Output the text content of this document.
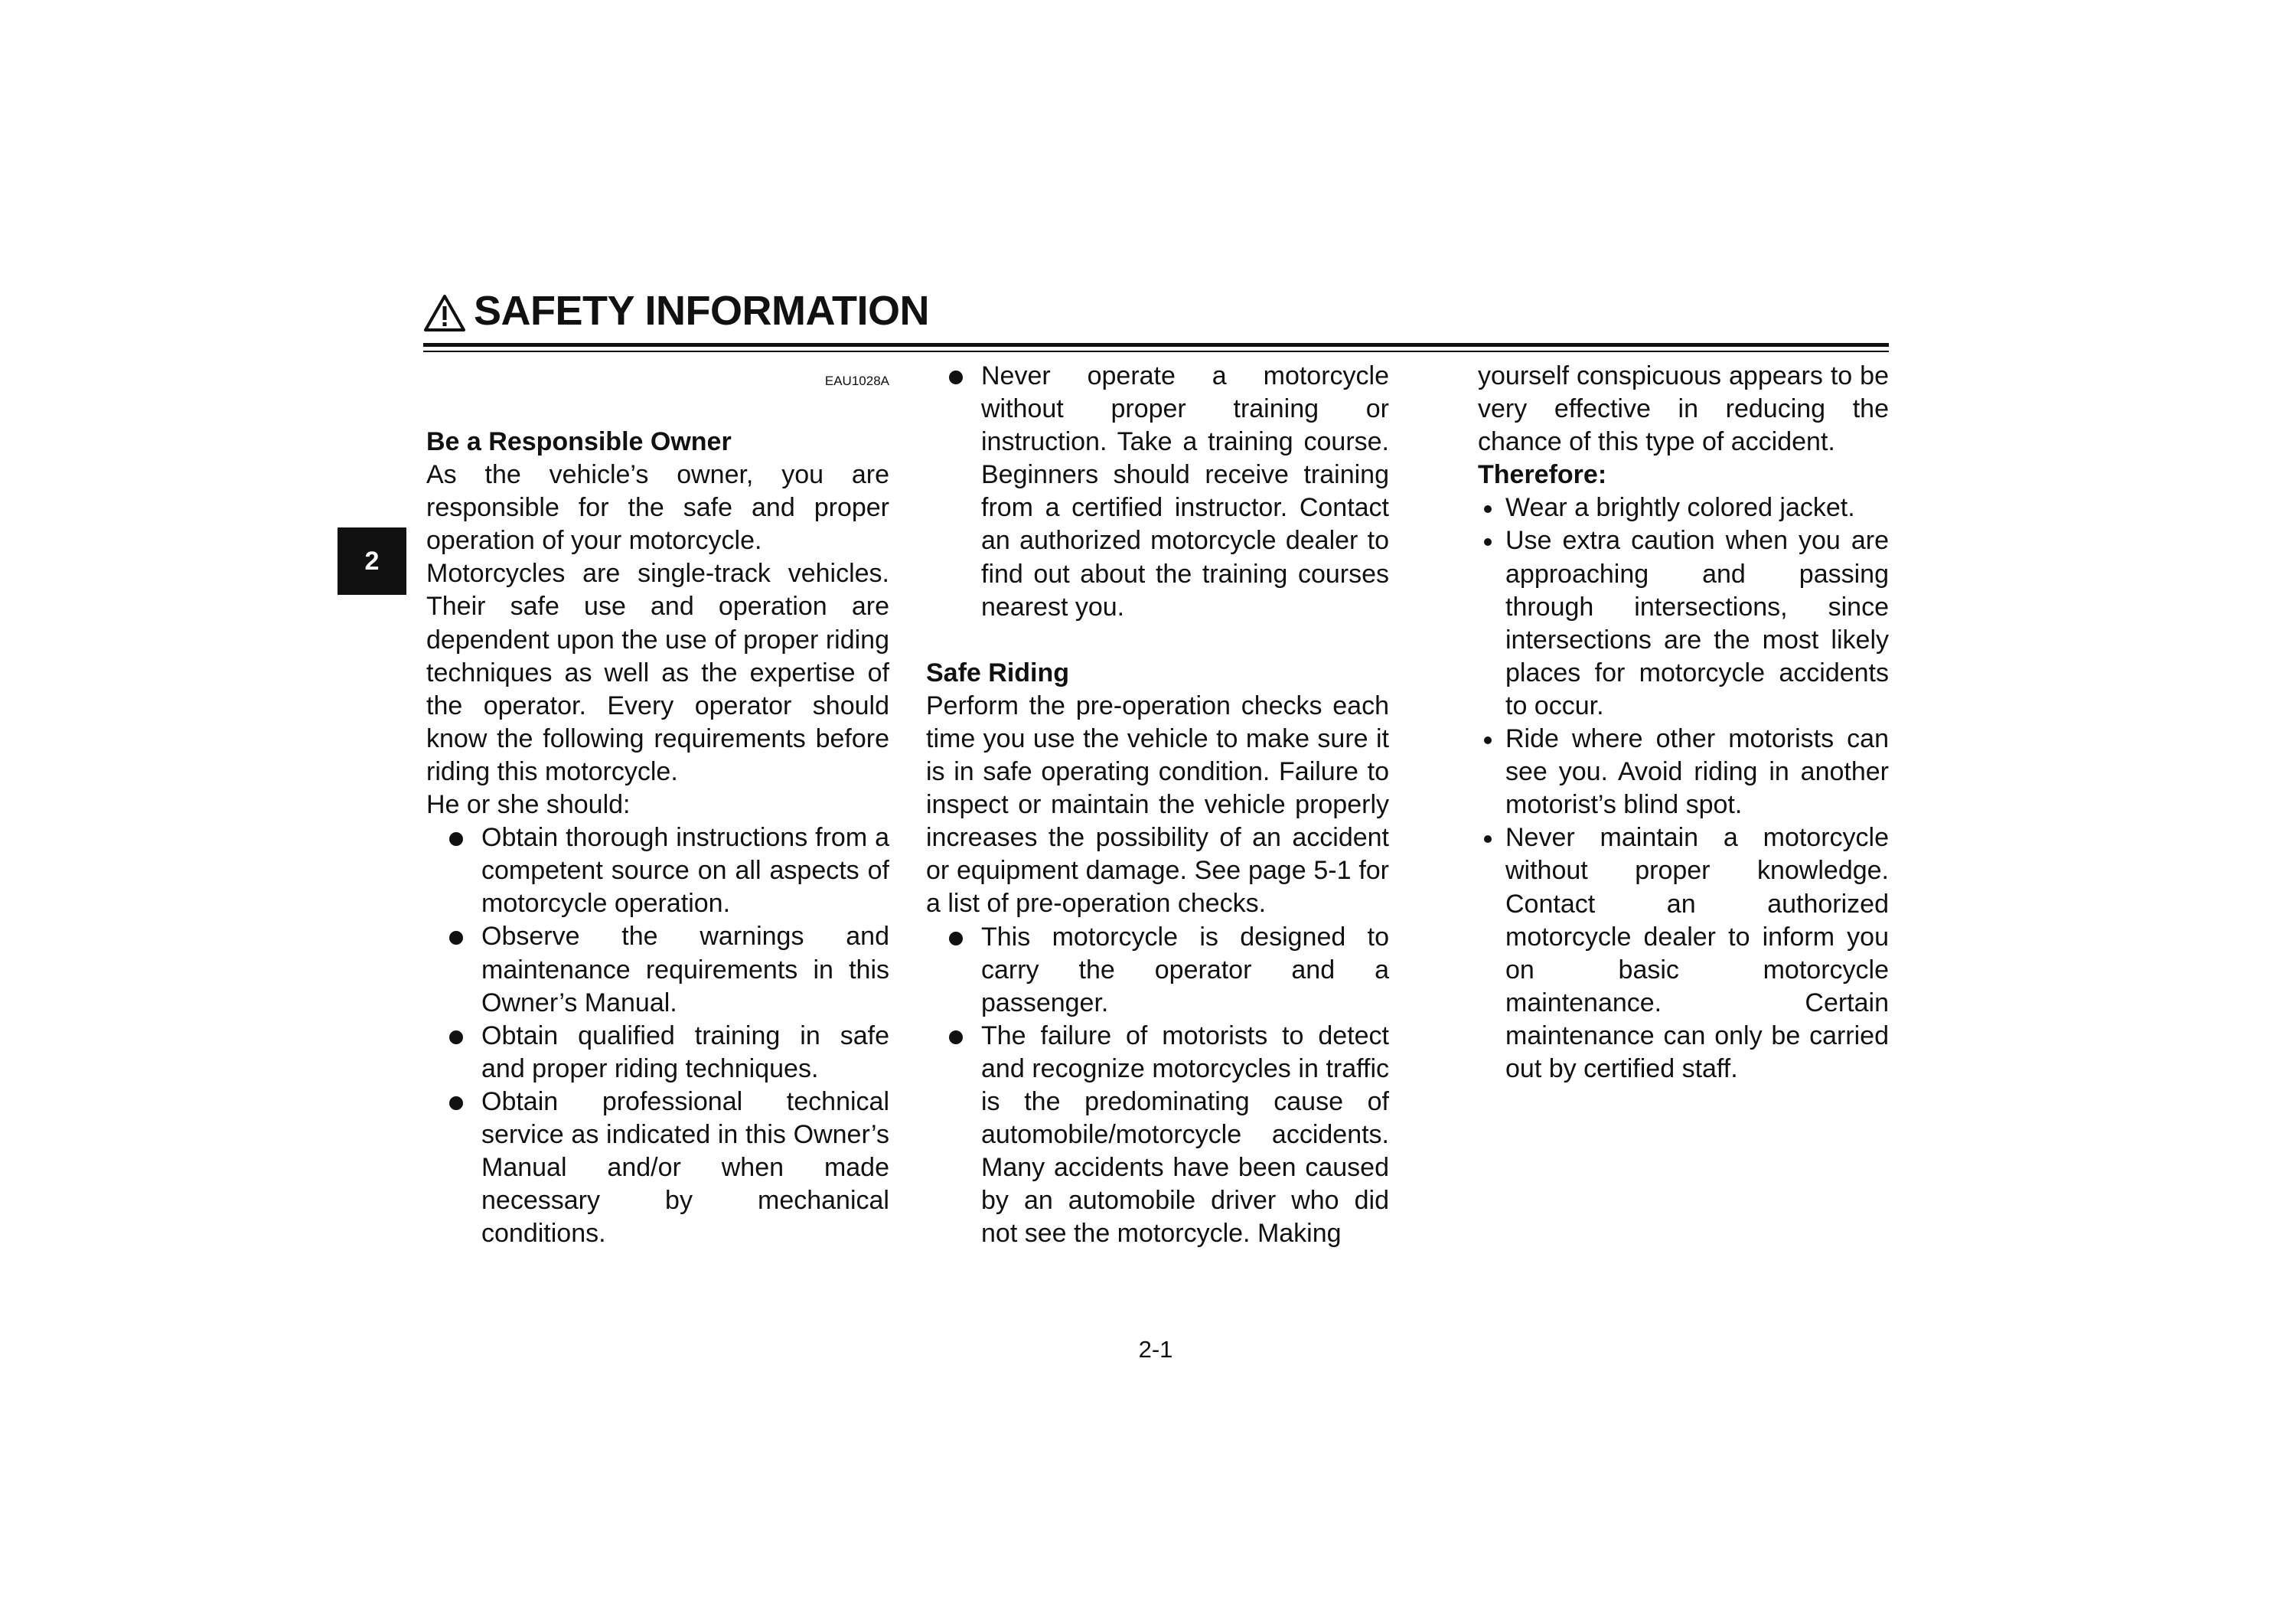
SAFETY INFORMATION
2

EAU1028A

Be a Responsible Owner

As the vehicle’s owner, you are responsible for the safe and proper operation of your motorcycle.

Motorcycles are single-track vehicles. Their safe use and operation are dependent upon the use of proper riding techniques as well as the expertise of the operator. Every operator should know the following requirements before riding this motorcycle.

He or she should:

Obtain thorough instructions from a competent source on all aspects of motorcycle operation.
Observe the warnings and maintenance requirements in this Owner’s Manual.
Obtain qualified training in safe and proper riding techniques.
Obtain professional technical service as indicated in this Owner’s Manual and/or when made necessary by mechanical conditions.
Never operate a motorcycle without proper training or instruction. Take a training course. Beginners should receive training from a certified instructor. Contact an authorized motorcycle dealer to find out about the training courses nearest you.

Safe Riding

Perform the pre-operation checks each time you use the vehicle to make sure it is in safe operating condition. Failure to inspect or maintain the vehicle properly increases the possibility of an accident or equipment damage. See page 5-1 for a list of pre-operation checks.

This motorcycle is designed to carry the operator and a passenger.
The failure of motorists to detect and recognize motorcycles in traffic is the predominating cause of automobile/motorcycle accidents. Many accidents have been caused by an automobile driver who did not see the motorcycle. Making

yourself conspicuous appears to be very effective in reducing the chance of this type of accident.

Therefore:

Wear a brightly colored jacket.
Use extra caution when you are approaching and passing through intersections, since intersections are the most likely places for motorcycle accidents to occur.
Ride where other motorists can see you. Avoid riding in another motorist’s blind spot.
Never maintain a motorcycle without proper knowledge. Contact an authorized motorcycle dealer to inform you on basic motorcycle maintenance. Certain maintenance can only be carried out by certified staff.
2-1
